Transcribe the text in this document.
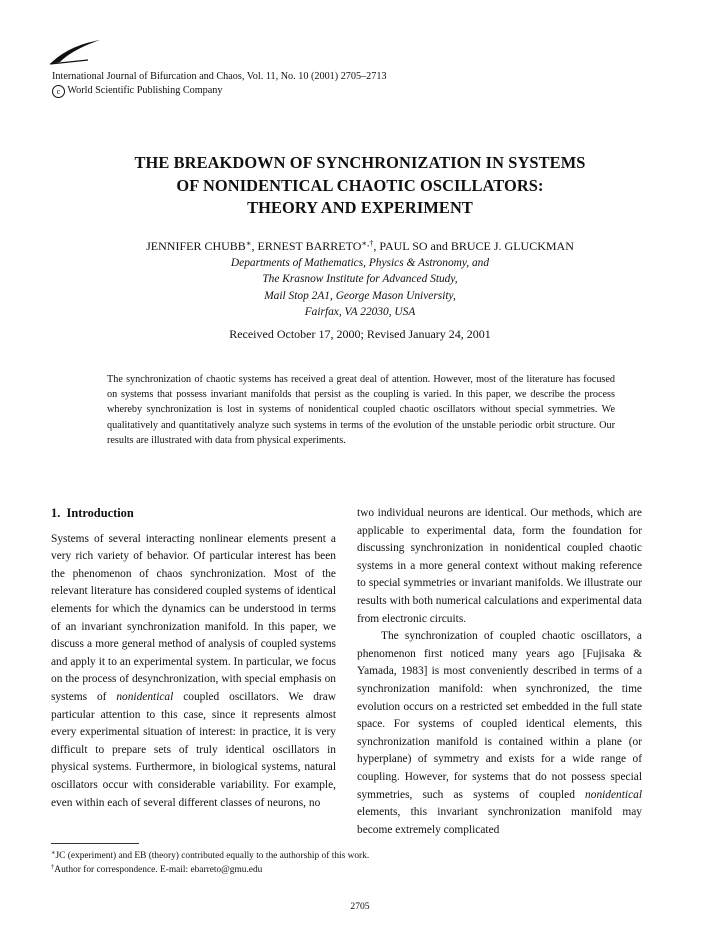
International Journal of Bifurcation and Chaos, Vol. 11, No. 10 (2001) 2705–2713
c World Scientific Publishing Company
THE BREAKDOWN OF SYNCHRONIZATION IN SYSTEMS
OF NONIDENTICAL CHAOTIC OSCILLATORS:
THEORY AND EXPERIMENT
JENNIFER CHUBB∗, ERNEST BARRETO∗,†, PAUL SO and BRUCE J. GLUCKMAN
Departments of Mathematics, Physics & Astronomy, and
The Krasnow Institute for Advanced Study,
Mail Stop 2A1, George Mason University,
Fairfax, VA 22030, USA
Received October 17, 2000; Revised January 24, 2001
The synchronization of chaotic systems has received a great deal of attention. However, most of the literature has focused on systems that possess invariant manifolds that persist as the coupling is varied. In this paper, we describe the process whereby synchronization is lost in systems of nonidentical coupled chaotic oscillators without special symmetries. We qualitatively and quantitatively analyze such systems in terms of the evolution of the unstable periodic orbit structure. Our results are illustrated with data from physical experiments.
1. Introduction

Systems of several interacting nonlinear elements present a very rich variety of behavior. Of particular interest has been the phenomenon of chaos synchronization. Most of the relevant literature has considered coupled systems of identical elements for which the dynamics can be understood in terms of an invariant synchronization manifold. In this paper, we discuss a more general method of analysis of coupled systems and apply it to an experimental system. In particular, we focus on the process of desynchronization, with special emphasis on systems of nonidentical coupled oscillators. We draw particular attention to this case, since it represents almost every experimental situation of interest: in practice, it is very difficult to prepare sets of truly identical oscillators in physical systems. Furthermore, in biological systems, natural oscillators occur with considerable variability. For example, even within each of several different classes of neurons, no

two individual neurons are identical. Our methods, which are applicable to experimental data, form the foundation for discussing synchronization in nonidentical coupled chaotic systems in a more general context without making reference to special symmetries or invariant manifolds. We illustrate our results with both numerical calculations and experimental data from electronic circuits.

The synchronization of coupled chaotic oscillators, a phenomenon first noticed many years ago [Fujisaka & Yamada, 1983] is most conveniently described in terms of a synchronization manifold: when synchronized, the time evolution occurs on a restricted set embedded in the full state space. For systems of coupled identical elements, this synchronization manifold is contained within a plane (or hyperplane) of symmetry and exists for a wide range of coupling. However, for systems that do not possess special symmetries, such as systems of coupled nonidentical elements, this invariant synchronization manifold may become extremely complicated

∗JC (experiment) and EB (theory) contributed equally to the authorship of this work.
†Author for correspondence. E-mail: ebarreto@gmu.edu
2705
